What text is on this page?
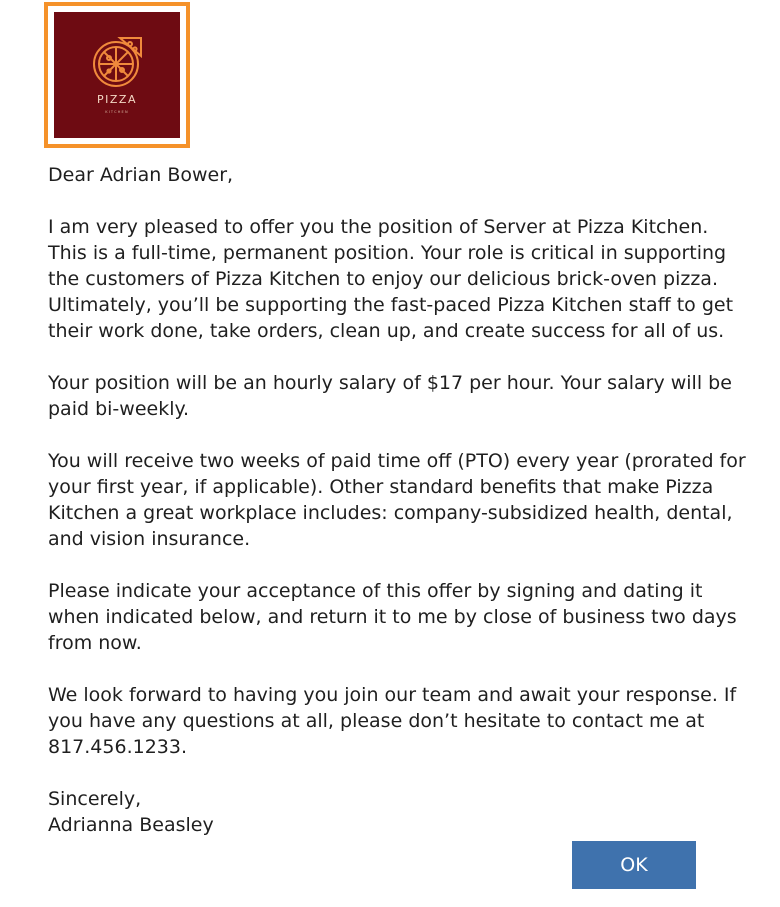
PIZZA
KITCHEN

Dear Adrian Bower,

I am very pleased to offer you the position of Server at Pizza Kitchen. This is a full-time, permanent position. Your role is critical in supporting the customers of Pizza Kitchen to enjoy our delicious brick-oven pizza. Ultimately, you’ll be supporting the fast-paced Pizza Kitchen staff to get their work done, take orders, clean up, and create success for all of us.

Your position will be an hourly salary of $17 per hour. Your salary will be paid bi-weekly.

You will receive two weeks of paid time off (PTO) every year (prorated for your first year, if applicable). Other standard benefits that make Pizza Kitchen a great workplace includes: company-subsidized health, dental, and vision insurance.

Please indicate your acceptance of this offer by signing and dating it when indicated below, and return it to me by close of business two days from now.

We look forward to having you join our team and await your response. If you have any questions at all, please don’t hesitate to contact me at 817.456.1233.

Sincerely,

Adrianna Beasley

OK
